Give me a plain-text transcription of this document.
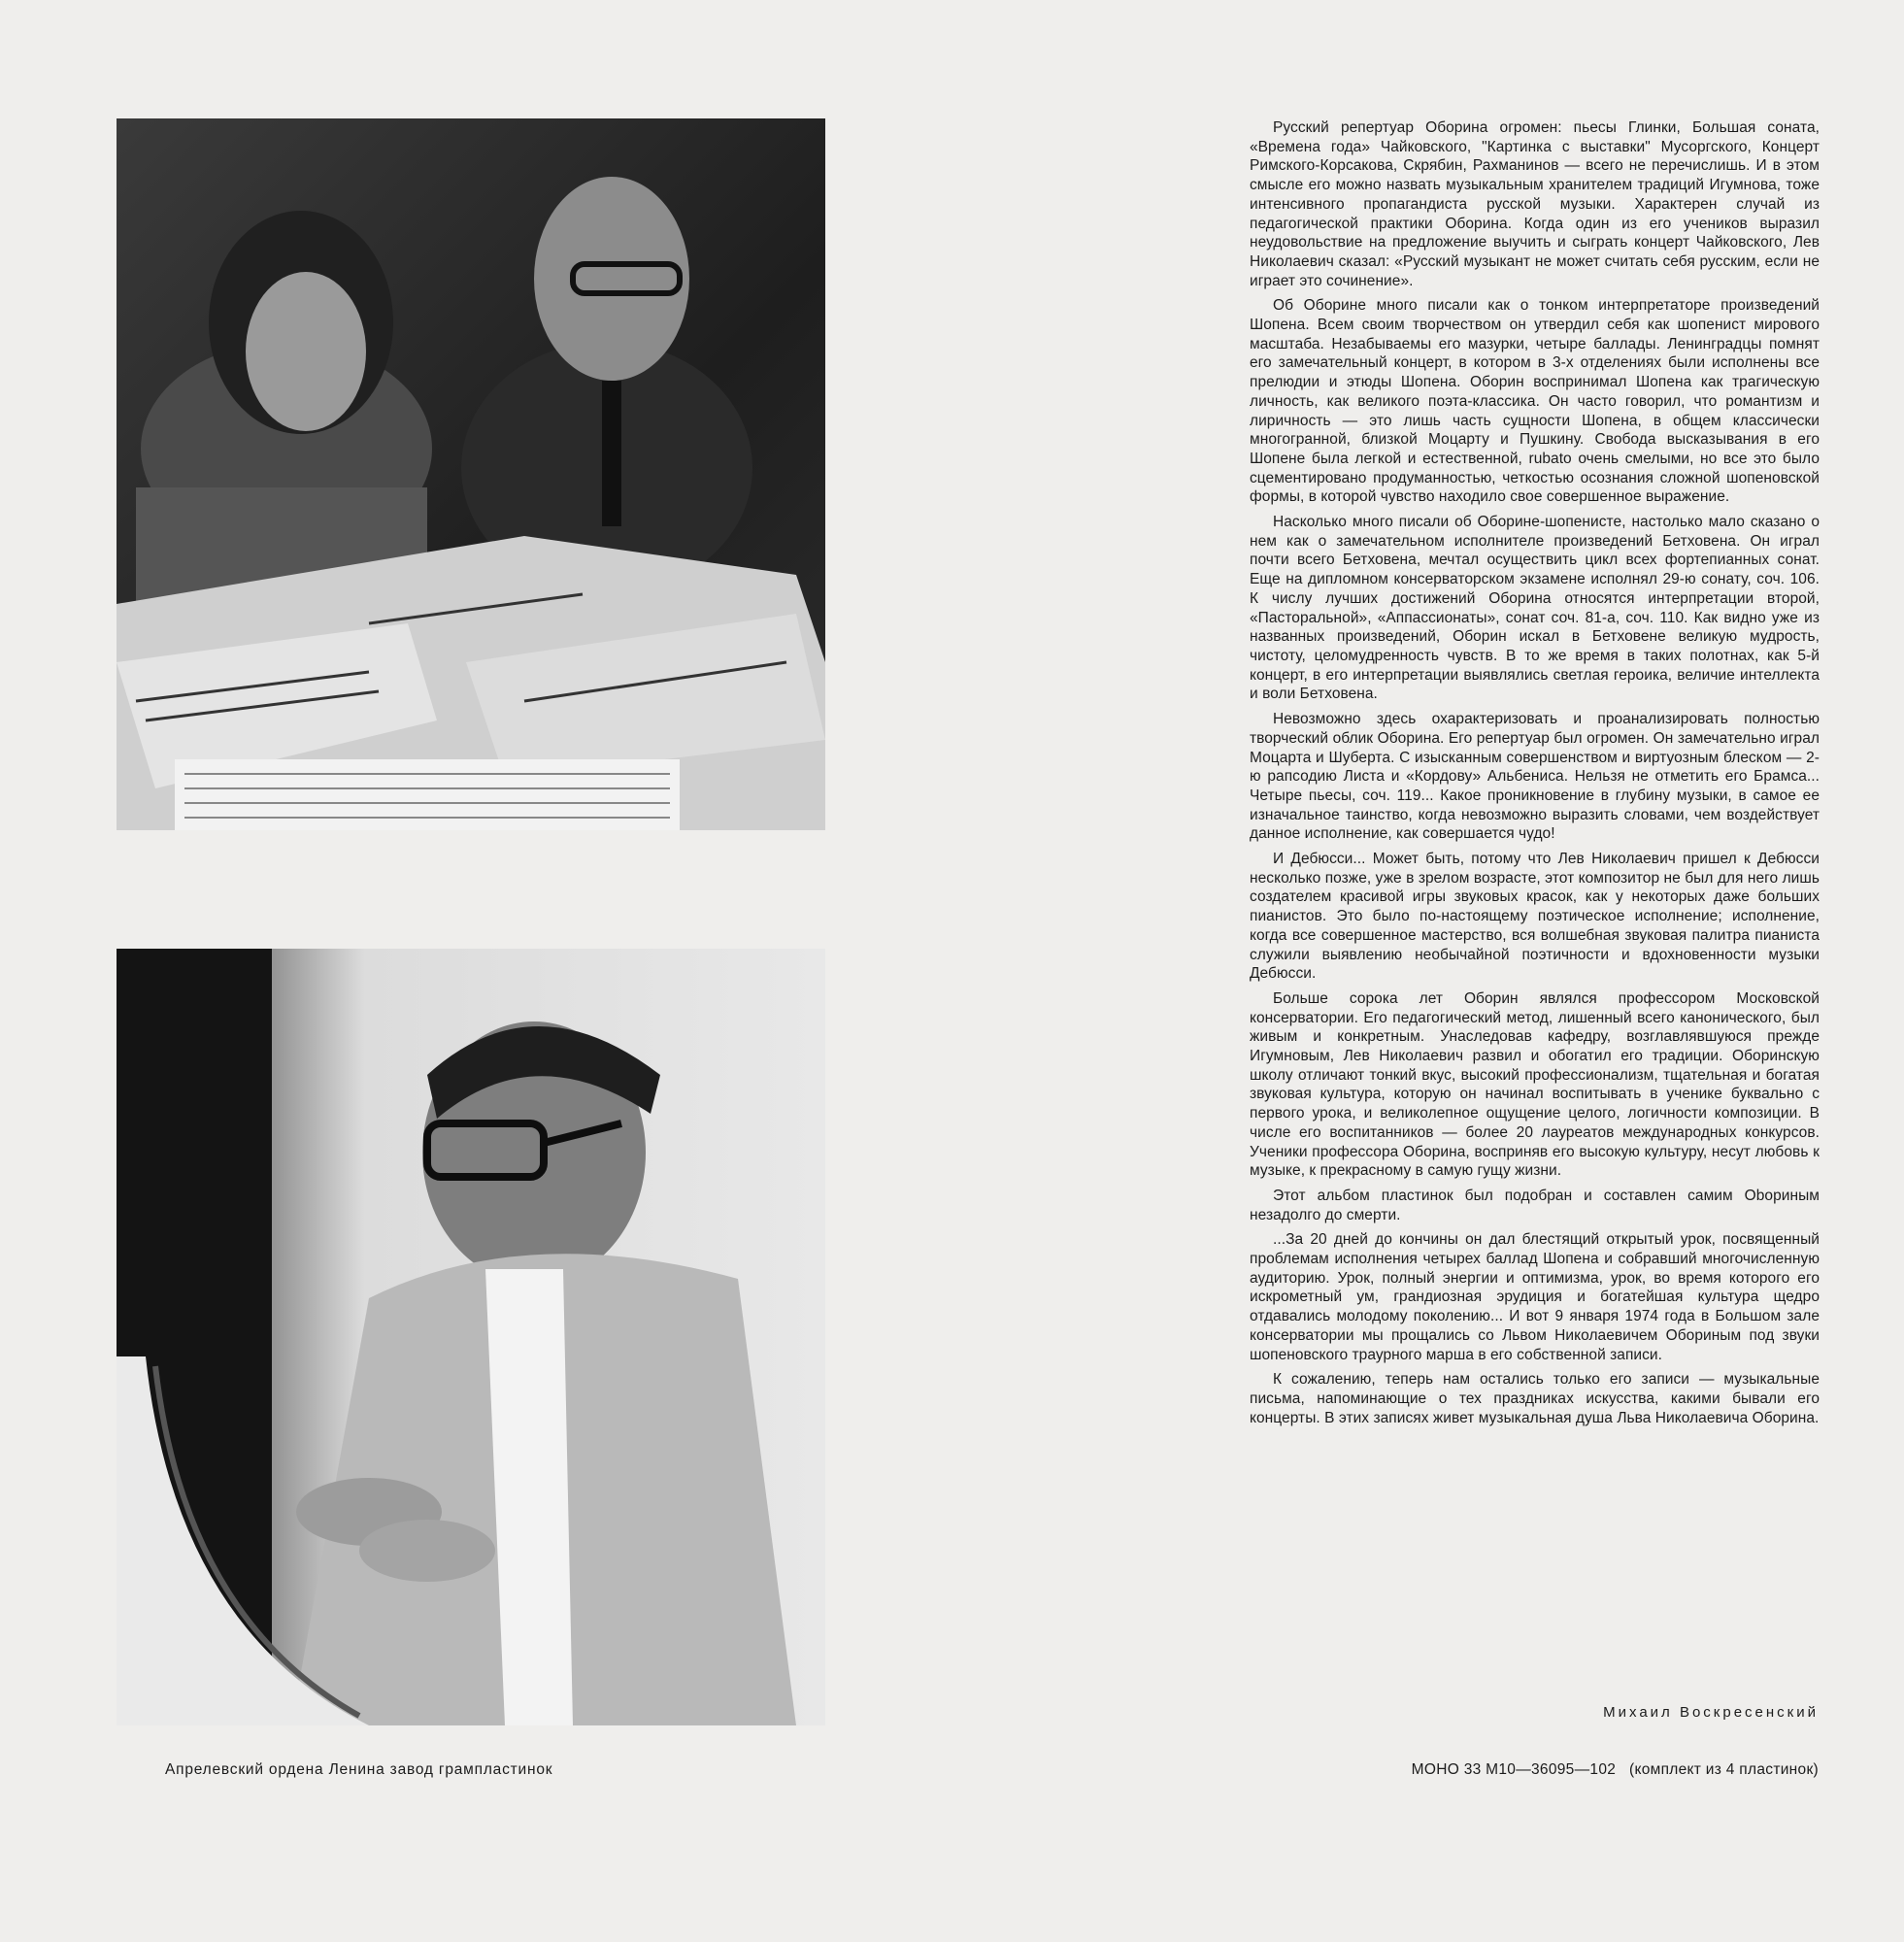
Русский репертуар Оборина огромен: пьесы Глинки, Большая соната, «Времена года» Чайковского, "Картинка с выставки" Мусоргского, Концерт Римского-Корсакова, Скрябин, Рахманинов — всего не перечислишь. И в этом смысле его можно назвать музыкальным хранителем традиций Игумнова, тоже интенсивного пропагандиста русской музыки. Характерен случай из педагогической практики Оборина. Когда один из его учеников выразил неудовольствие на предложение выучить и сыграть концерт Чайковского, Лев Николаевич сказал: «Русский музыкант не может считать себя русским, если не играет это сочинение».

Об Оборине много писали как о тонком интерпретаторе произведений Шопена. Всем своим творчеством он утвердил себя как шопенист мирового масштаба. Незабываемы его мазурки, четыре баллады. Ленинградцы помнят его замечательный концерт, в котором в 3-х отделениях были исполнены все прелюдии и этюды Шопена. Оборин воспринимал Шопена как трагическую личность, как великого поэта-классика. Он часто говорил, что романтизм и лиричность — это лишь часть сущности Шопена, в общем классически многогранной, близкой Моцарту и Пушкину. Свобода высказывания в его Шопене была легкой и естественной, rubato очень смелыми, но все это было сцементировано продуманностью, четкостью осознания сложной шопеновской формы, в которой чувство находило свое совершенное выражение.

Насколько много писали об Оборине-шопенисте, настолько мало сказано о нем как о замечательном исполнителе произведений Бетховена. Он играл почти всего Бетховена, мечтал осуществить цикл всех фортепианных сонат. Еще на дипломном консерваторском экзамене исполнял 29-ю сонату, соч. 106. К числу лучших достижений Оборина относятся интерпретации второй, «Пасторальной», «Аппассионаты», сонат соч. 81-а, соч. 110. Как видно уже из названных произведений, Оборин искал в Бетховене великую мудрость, чистоту, целомудренность чувств. В то же время в таких полотнах, как 5-й концерт, в его интерпретации выявлялись светлая героика, величие интеллекта и воли Бетховена.

Невозможно здесь охарактеризовать и проанализировать полностью творческий облик Оборина. Его репертуар был огромен. Он замечательно играл Моцарта и Шуберта. С изысканным совершенством и виртуозным блеском — 2-ю рапсодию Листа и «Кордову» Альбениса. Нельзя не отметить его Брамса... Четыре пьесы, соч. 119... Какое проникновение в глубину музыки, в самое ее изначальное таинство, когда невозможно выразить словами, чем воздействует данное исполнение, как совершается чудо!

И Дебюсси... Может быть, потому что Лев Николаевич пришел к Дебюсси несколько позже, уже в зрелом возрасте, этот композитор не был для него лишь создателем красивой игры звуковых красок, как у некоторых даже больших пианистов. Это было по-настоящему поэтическое исполнение; исполнение, когда все совершенное мастерство, вся волшебная звуковая палитра пианиста служили выявлению необычайной поэтичности и вдохновенности музыки Дебюсси.

Больше сорока лет Оборин являлся профессором Московской консерватории. Его педагогический метод, лишенный всего канонического, был живым и конкретным. Унаследовав кафедру, возглавлявшуюся прежде Игумновым, Лев Николаевич развил и обогатил его традиции. Оборинскую школу отличают тонкий вкус, высокий профессионализм, тщательная и богатая звуковая культура, которую он начинал воспитывать в ученике буквально с первого урока, и великолепное ощущение целого, логичности композиции. В числе его воспитанников — более 20 лауреатов международных конкурсов. Ученики профессора Оборина, восприняв его высокую культуру, несут любовь к музыке, к прекрасному в самую гущу жизни.

Этот альбом пластинок был подобран и составлен самим Obориным незадолго до смерти.

...За 20 дней до кончины он дал блестящий открытый урок, посвященный проблемам исполнения четырех баллад Шопена и собравший многочисленную аудиторию. Урок, полный энергии и оптимизма, урок, во время которого его искрометный ум, грандиозная эрудиция и богатейшая культура щедро отдавались молодому поколению... И вот 9 января 1974 года в Большом зале консерватории мы прощались со Львом Николаевичем Обориным под звуки шопеновского траурного марша в его собственной записи.

К сожалению, теперь нам остались только его записи — музыкальные письма, напоминающие о тех праздниках искусства, какими бывали его концерты. В этих записях живет музыкальная душа Льва Николаевича Оборина.

Михаил Воскресенский
Апрелевский ордена Ленина завод грампластинок	МОНО 33 М10—36095—102 (комплект из 4 пластинок)
